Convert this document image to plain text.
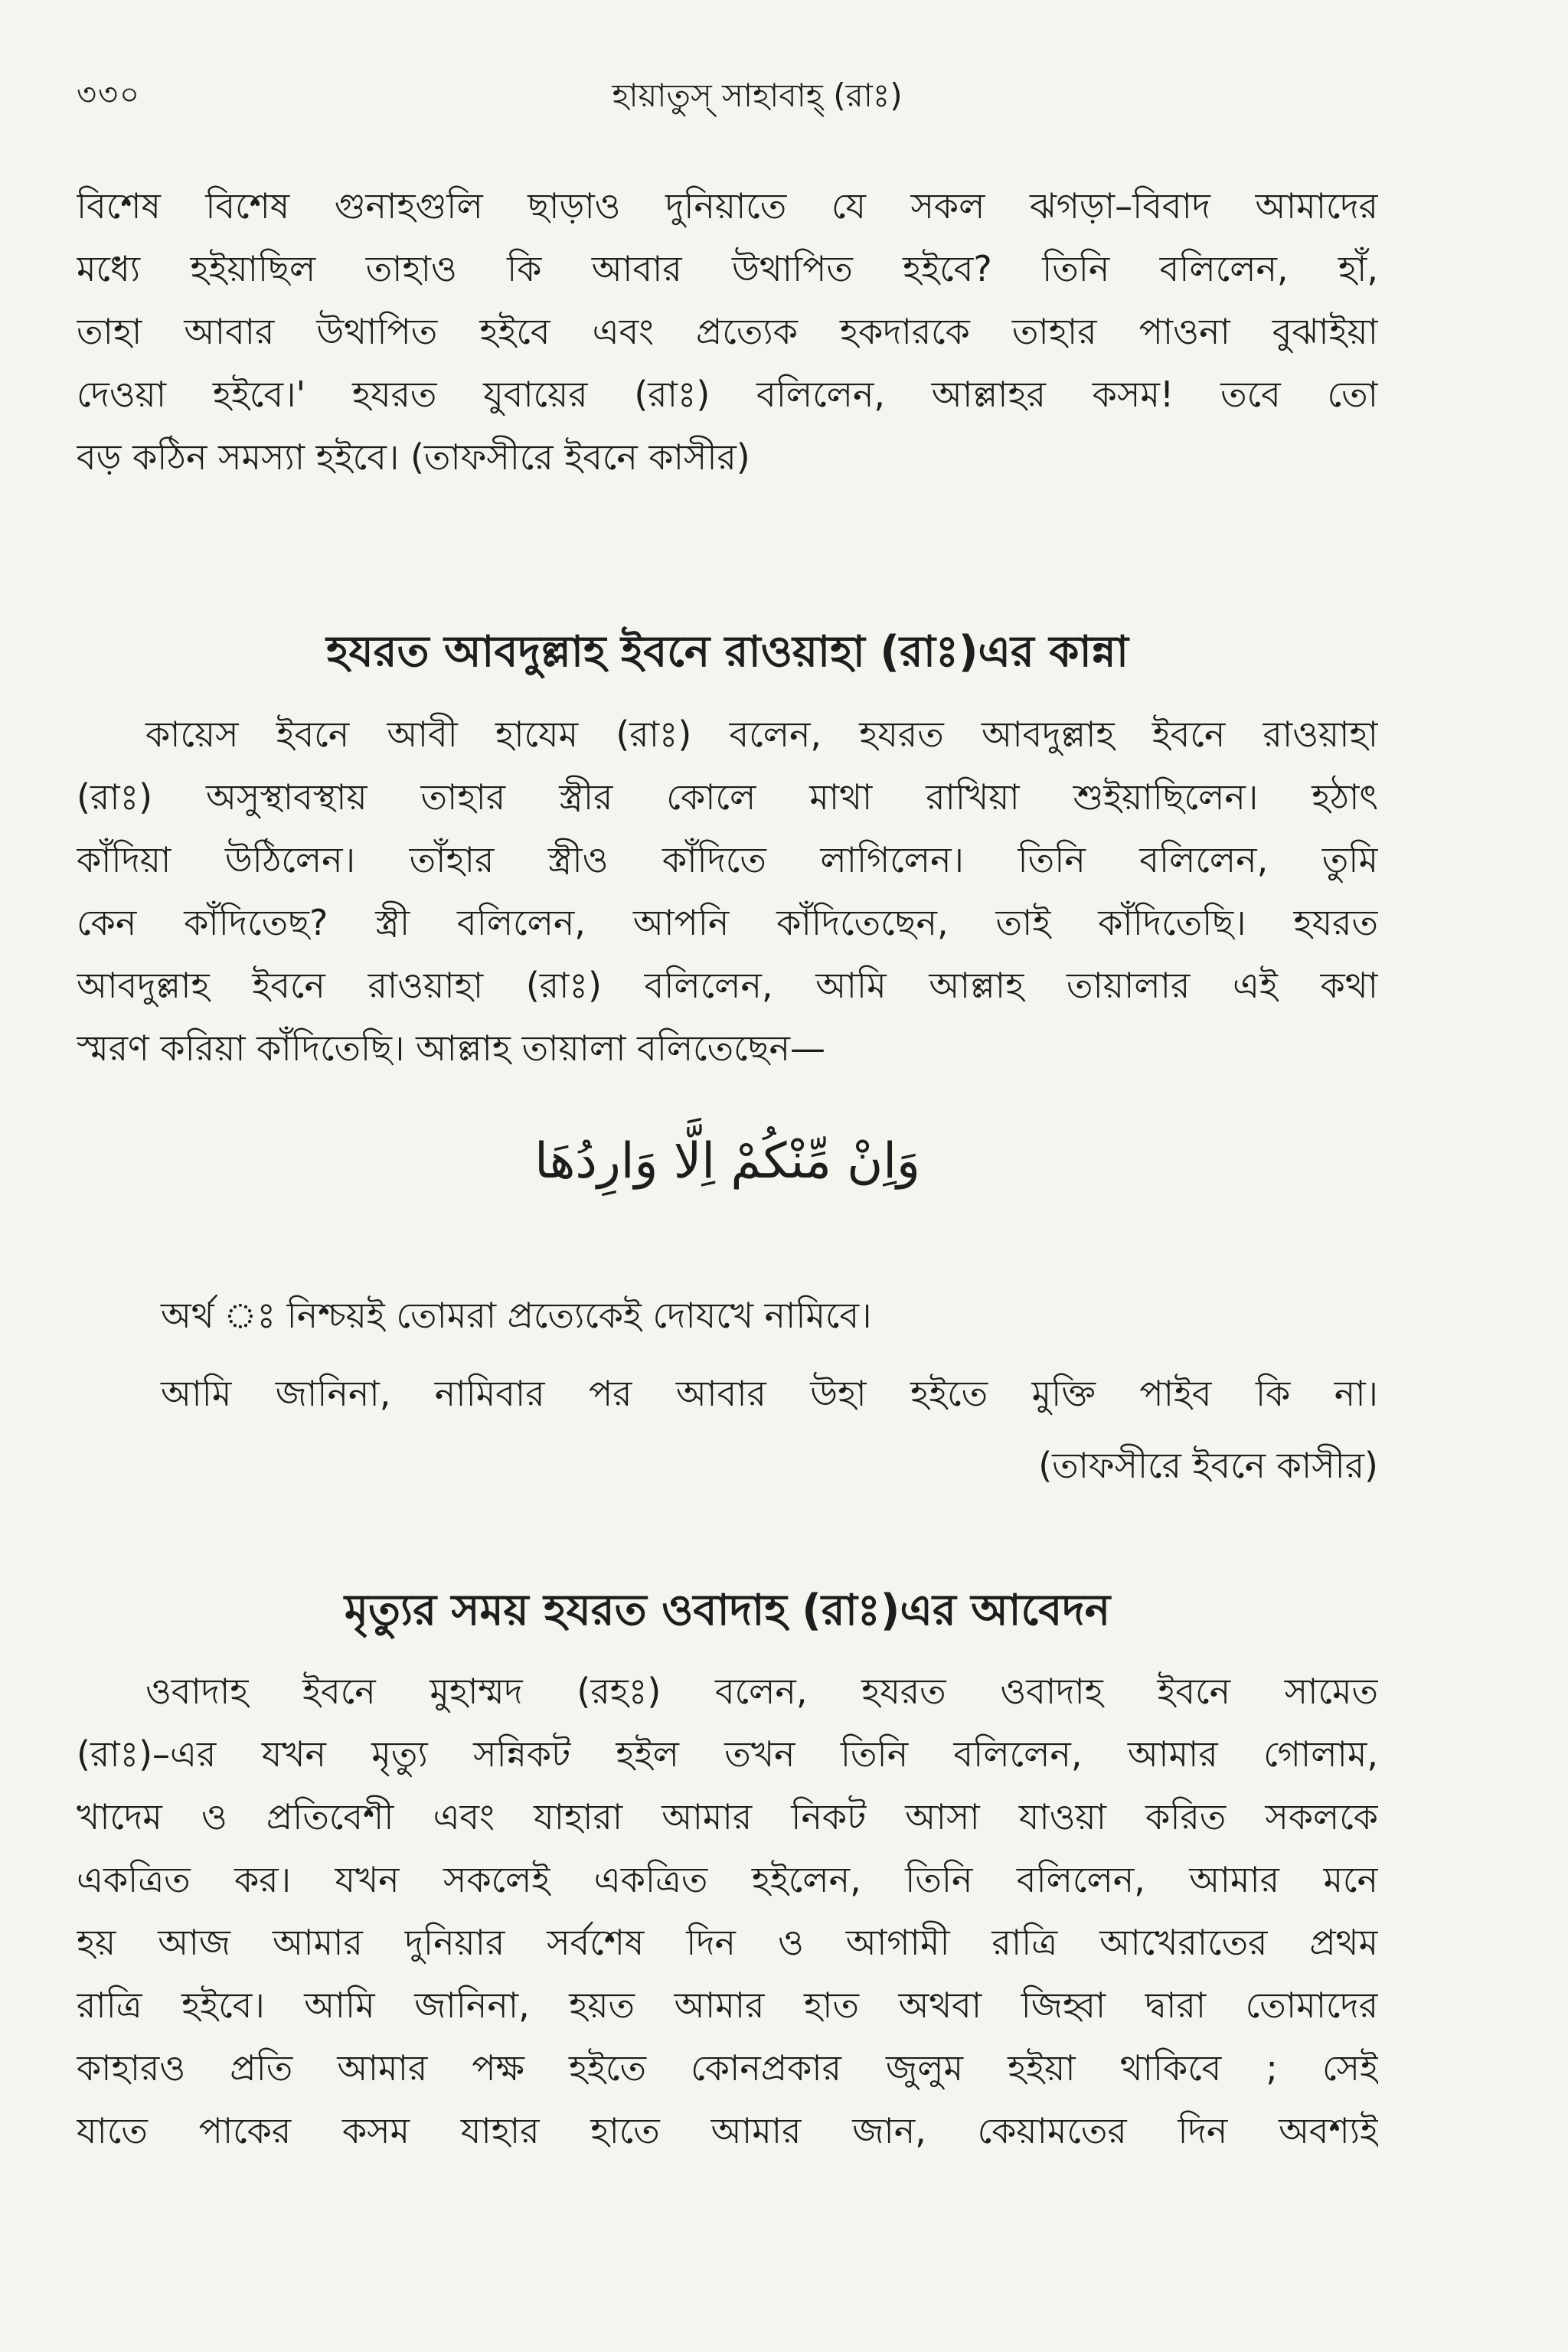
৩৩০	হায়াতুস্ সাহাবাহ্ (রাঃ)
বিশেষ বিশেষ গুনাহগুলি ছাড়াও দুনিয়াতে যে সকল ঝগড়া–বিবাদ আমাদের
মধ্যে হইয়াছিল তাহাও কি আবার উথাপিত হইবে? তিনি বলিলেন, হাঁ,
তাহা আবার উথাপিত হইবে এবং প্রত্যেক হকদারকে তাহার পাওনা বুঝাইয়া
দেওয়া হইবে।' হযরত যুবায়ের (রাঃ) বলিলেন, আল্লাহর কসম! তবে তো
বড় কঠিন সমস্যা হইবে। (তাফসীরে ইবনে কাসীর)
হযরত আবদুল্লাহ ইবনে রাওয়াহা (রাঃ)এর কান্না
কায়েস ইবনে আবী হাযেম (রাঃ) বলেন, হযরত আবদুল্লাহ ইবনে রাওয়াহা
(রাঃ) অসুস্থাবস্থায় তাহার স্ত্রীর কোলে মাথা রাখিয়া শুইয়াছিলেন। হঠাৎ
কাঁদিয়া উঠিলেন। তাঁহার স্ত্রীও কাঁদিতে লাগিলেন। তিনি বলিলেন, তুমি
কেন কাঁদিতেছ? স্ত্রী বলিলেন, আপনি কাঁদিতেছেন, তাই কাঁদিতেছি। হযরত
আবদুল্লাহ ইবনে রাওয়াহা (রাঃ) বলিলেন, আমি আল্লাহ তায়ালার এই কথা
স্মরণ করিয়া কাঁদিতেছি। আল্লাহ তায়ালা বলিতেছেন—
وَاِنْ مِّنْكُمْ اِلَّا وَارِدُهَا
অর্থ ঃ নিশ্চয়ই তোমরা প্রত্যেকেই দোযখে নামিবে।
আমি জানিনা, নামিবার পর আবার উহা হইতে মুক্তি পাইব কি না।
(তাফসীরে ইবনে কাসীর)
মৃত্যুর সময় হযরত ওবাদাহ (রাঃ)এর আবেদন
ওবাদাহ ইবনে মুহাম্মদ (রহঃ) বলেন, হযরত ওবাদাহ ইবনে সামেত
(রাঃ)–এর যখন মৃত্যু সন্নিকট হইল তখন তিনি বলিলেন, আমার গোলাম,
খাদেম ও প্রতিবেশী এবং যাহারা আমার নিকট আসা যাওয়া করিত সকলকে
একত্রিত কর। যখন সকলেই একত্রিত হইলেন, তিনি বলিলেন, আমার মনে
হয় আজ আমার দুনিয়ার সর্বশেষ দিন ও আগামী রাত্রি আখেরাতের প্রথম
রাত্রি হইবে। আমি জানিনা, হয়ত আমার হাত অথবা জিহ্বা দ্বারা তোমাদের
কাহারও প্রতি আমার পক্ষ হইতে কোনপ্রকার জুলুম হইয়া থাকিবে ; সেই
যাতে পাকের কসম যাহার হাতে আমার জান, কেয়ামতের দিন অবশ্যই
